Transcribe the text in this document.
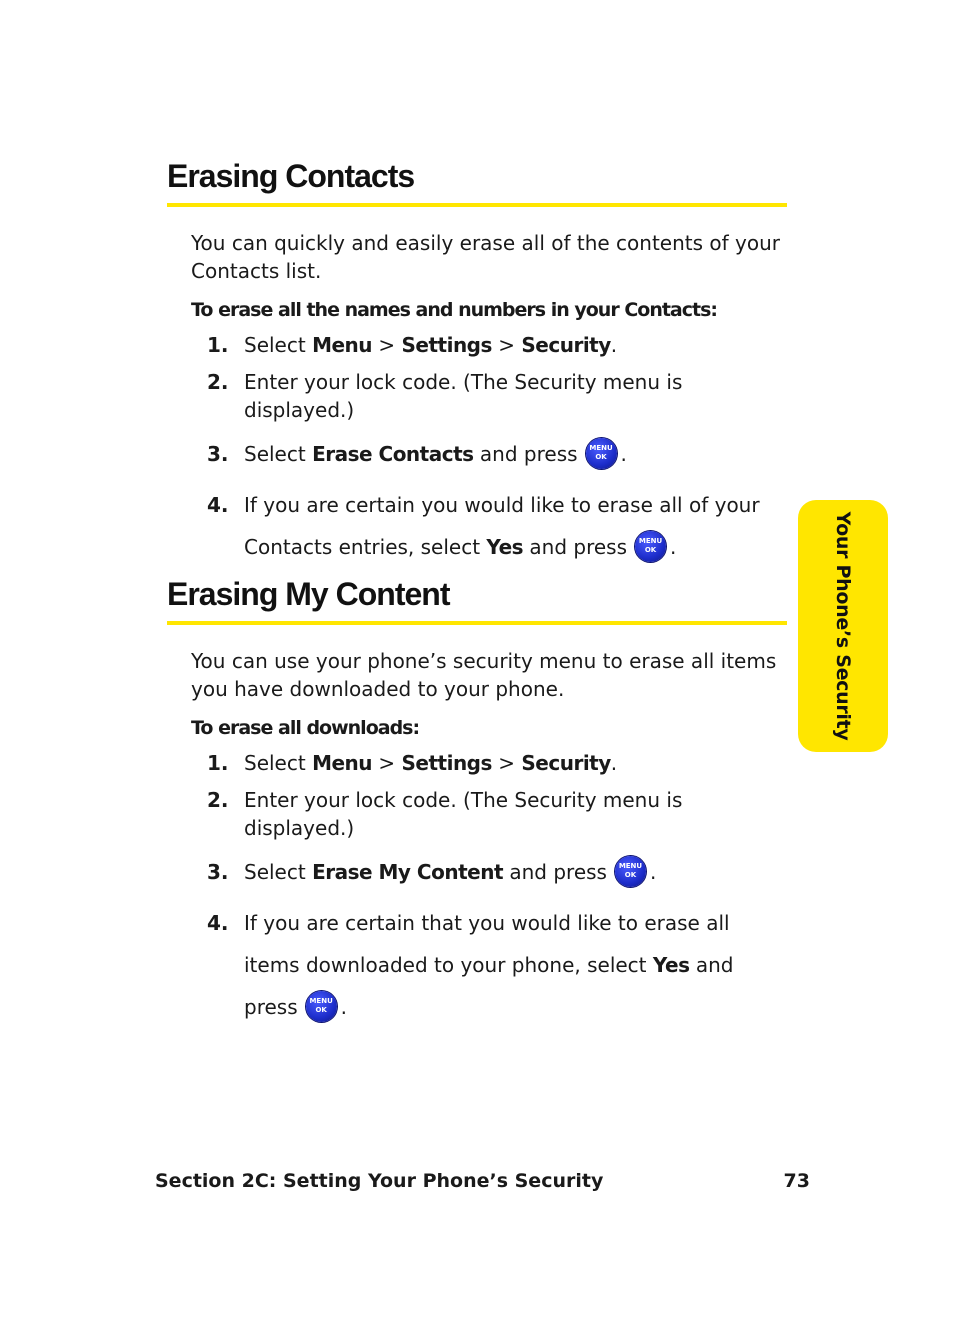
Erasing Contacts

You can quickly and easily erase all of the contents of your Contacts list.

To erase all the names and numbers in your Contacts:

1. Select Menu > Settings > Security.
2. Enter your lock code. (The Security menu is displayed.)
3. Select Erase Contacts and press	MENU
OK .
4. If you are certain you would like to erase all of your Contacts entries, select Yes and press	MENU
OK .
Erasing My Content

You can use your phone’s security menu to erase all items you have downloaded to your phone.

To erase all downloads:

1. Select Menu > Settings > Security.
2. Enter your lock code. (The Security menu is displayed.)
3. Select Erase My Content and press	MENU
OK .
4. If you are certain that you would like to erase all items downloaded to your phone, select Yes and press	MENU
OK .
Your Phone’s Security
Section 2C: Setting Your Phone’s Security	73
